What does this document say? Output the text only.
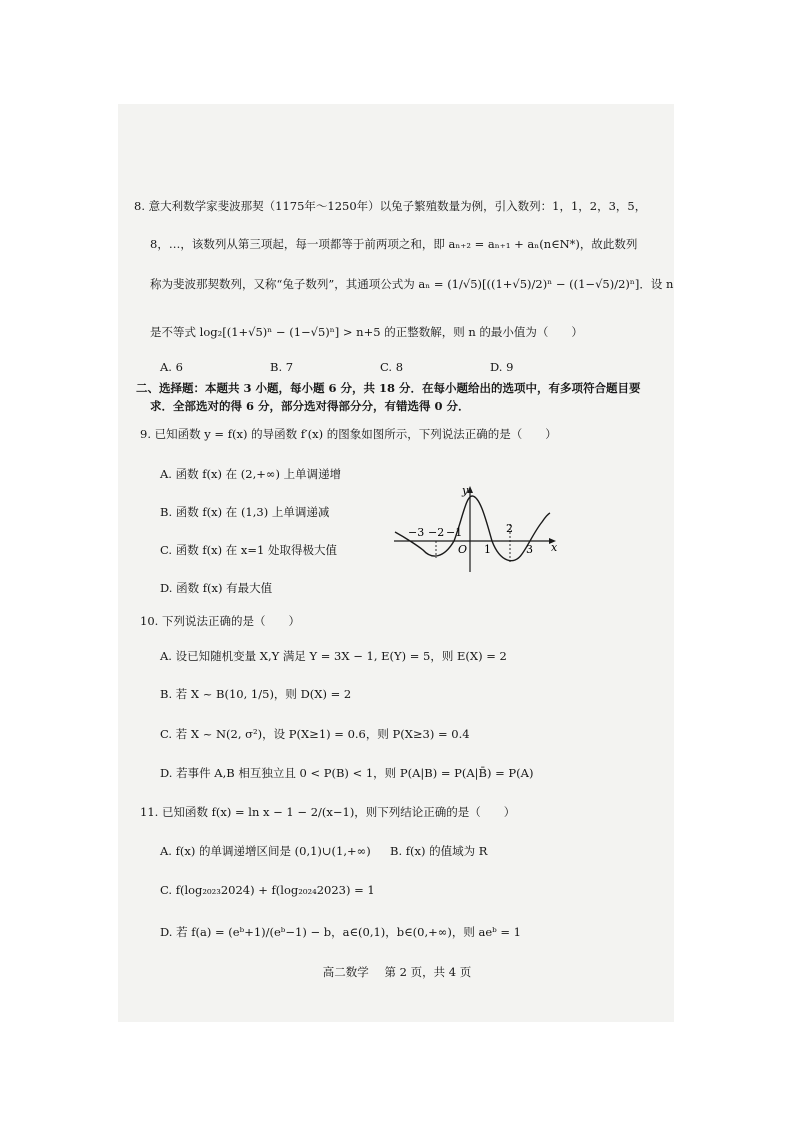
8. 意大利数学家斐波那契（1175年～1250年）以兔子繁殖数量为例，引入数列：1，1，2，3，5，
8，…，该数列从第三项起，每一项都等于前两项之和，即 aₙ₊₂ = aₙ₊₁ + aₙ(n∈N*)，故此数列
称为斐波那契数列，又称“兔子数列”，其通项公式为 aₙ = (1/√5)[((1+√5)/2)ⁿ − ((1−√5)/2)ⁿ]．设 n
是不等式 log₂[(1+√5)ⁿ − (1−√5)ⁿ] > n+5 的正整数解，则 n 的最小值为（　　）
A. 6	B. 7	C. 8	D. 9
二、选择题：本题共 3 小题，每小题 6 分，共 18 分．在每小题给出的选项中，有多项符合题目要
求．全部选对的得 6 分，部分选对得部分分，有错选得 0 分．
9. 已知函数 y = f(x) 的导函数 f′(x) 的图象如图所示，下列说法正确的是（　　）
A. 函数 f(x) 在 (2,+∞) 上单调递增
B. 函数 f(x) 在 (1,3) 上单调递减
C. 函数 f(x) 在 x=1 处取得极大值
D. 函数 f(x) 有最大值
y
x
O
−3 −2 −1
1
2
3
10. 下列说法正确的是（　　）
A. 设已知随机变量 X,Y 满足 Y = 3X − 1, E(Y) = 5，则 E(X) = 2
B. 若 X ~ B(10, 1/5)，则 D(X) = 2
C. 若 X ~ N(2, σ²)，设 P(X≥1) = 0.6，则 P(X≥3) = 0.4
D. 若事件 A,B 相互独立且 0 < P(B) < 1，则 P(A|B) = P(A|B̄) = P(A)
11. 已知函数 f(x) = ln x − 1 − 2/(x−1)，则下列结论正确的是（　　）
A. f(x) 的单调递增区间是 (0,1)∪(1,+∞) B. f(x) 的值域为 R
C. f(log₂₀₂₃2024) + f(log₂₀₂₄2023) = 1
D. 若 f(a) = (eᵇ+1)/(eᵇ−1) − b，a∈(0,1)，b∈(0,+∞)，则 aeᵇ = 1
高二数学 第 2 页，共 4 页
